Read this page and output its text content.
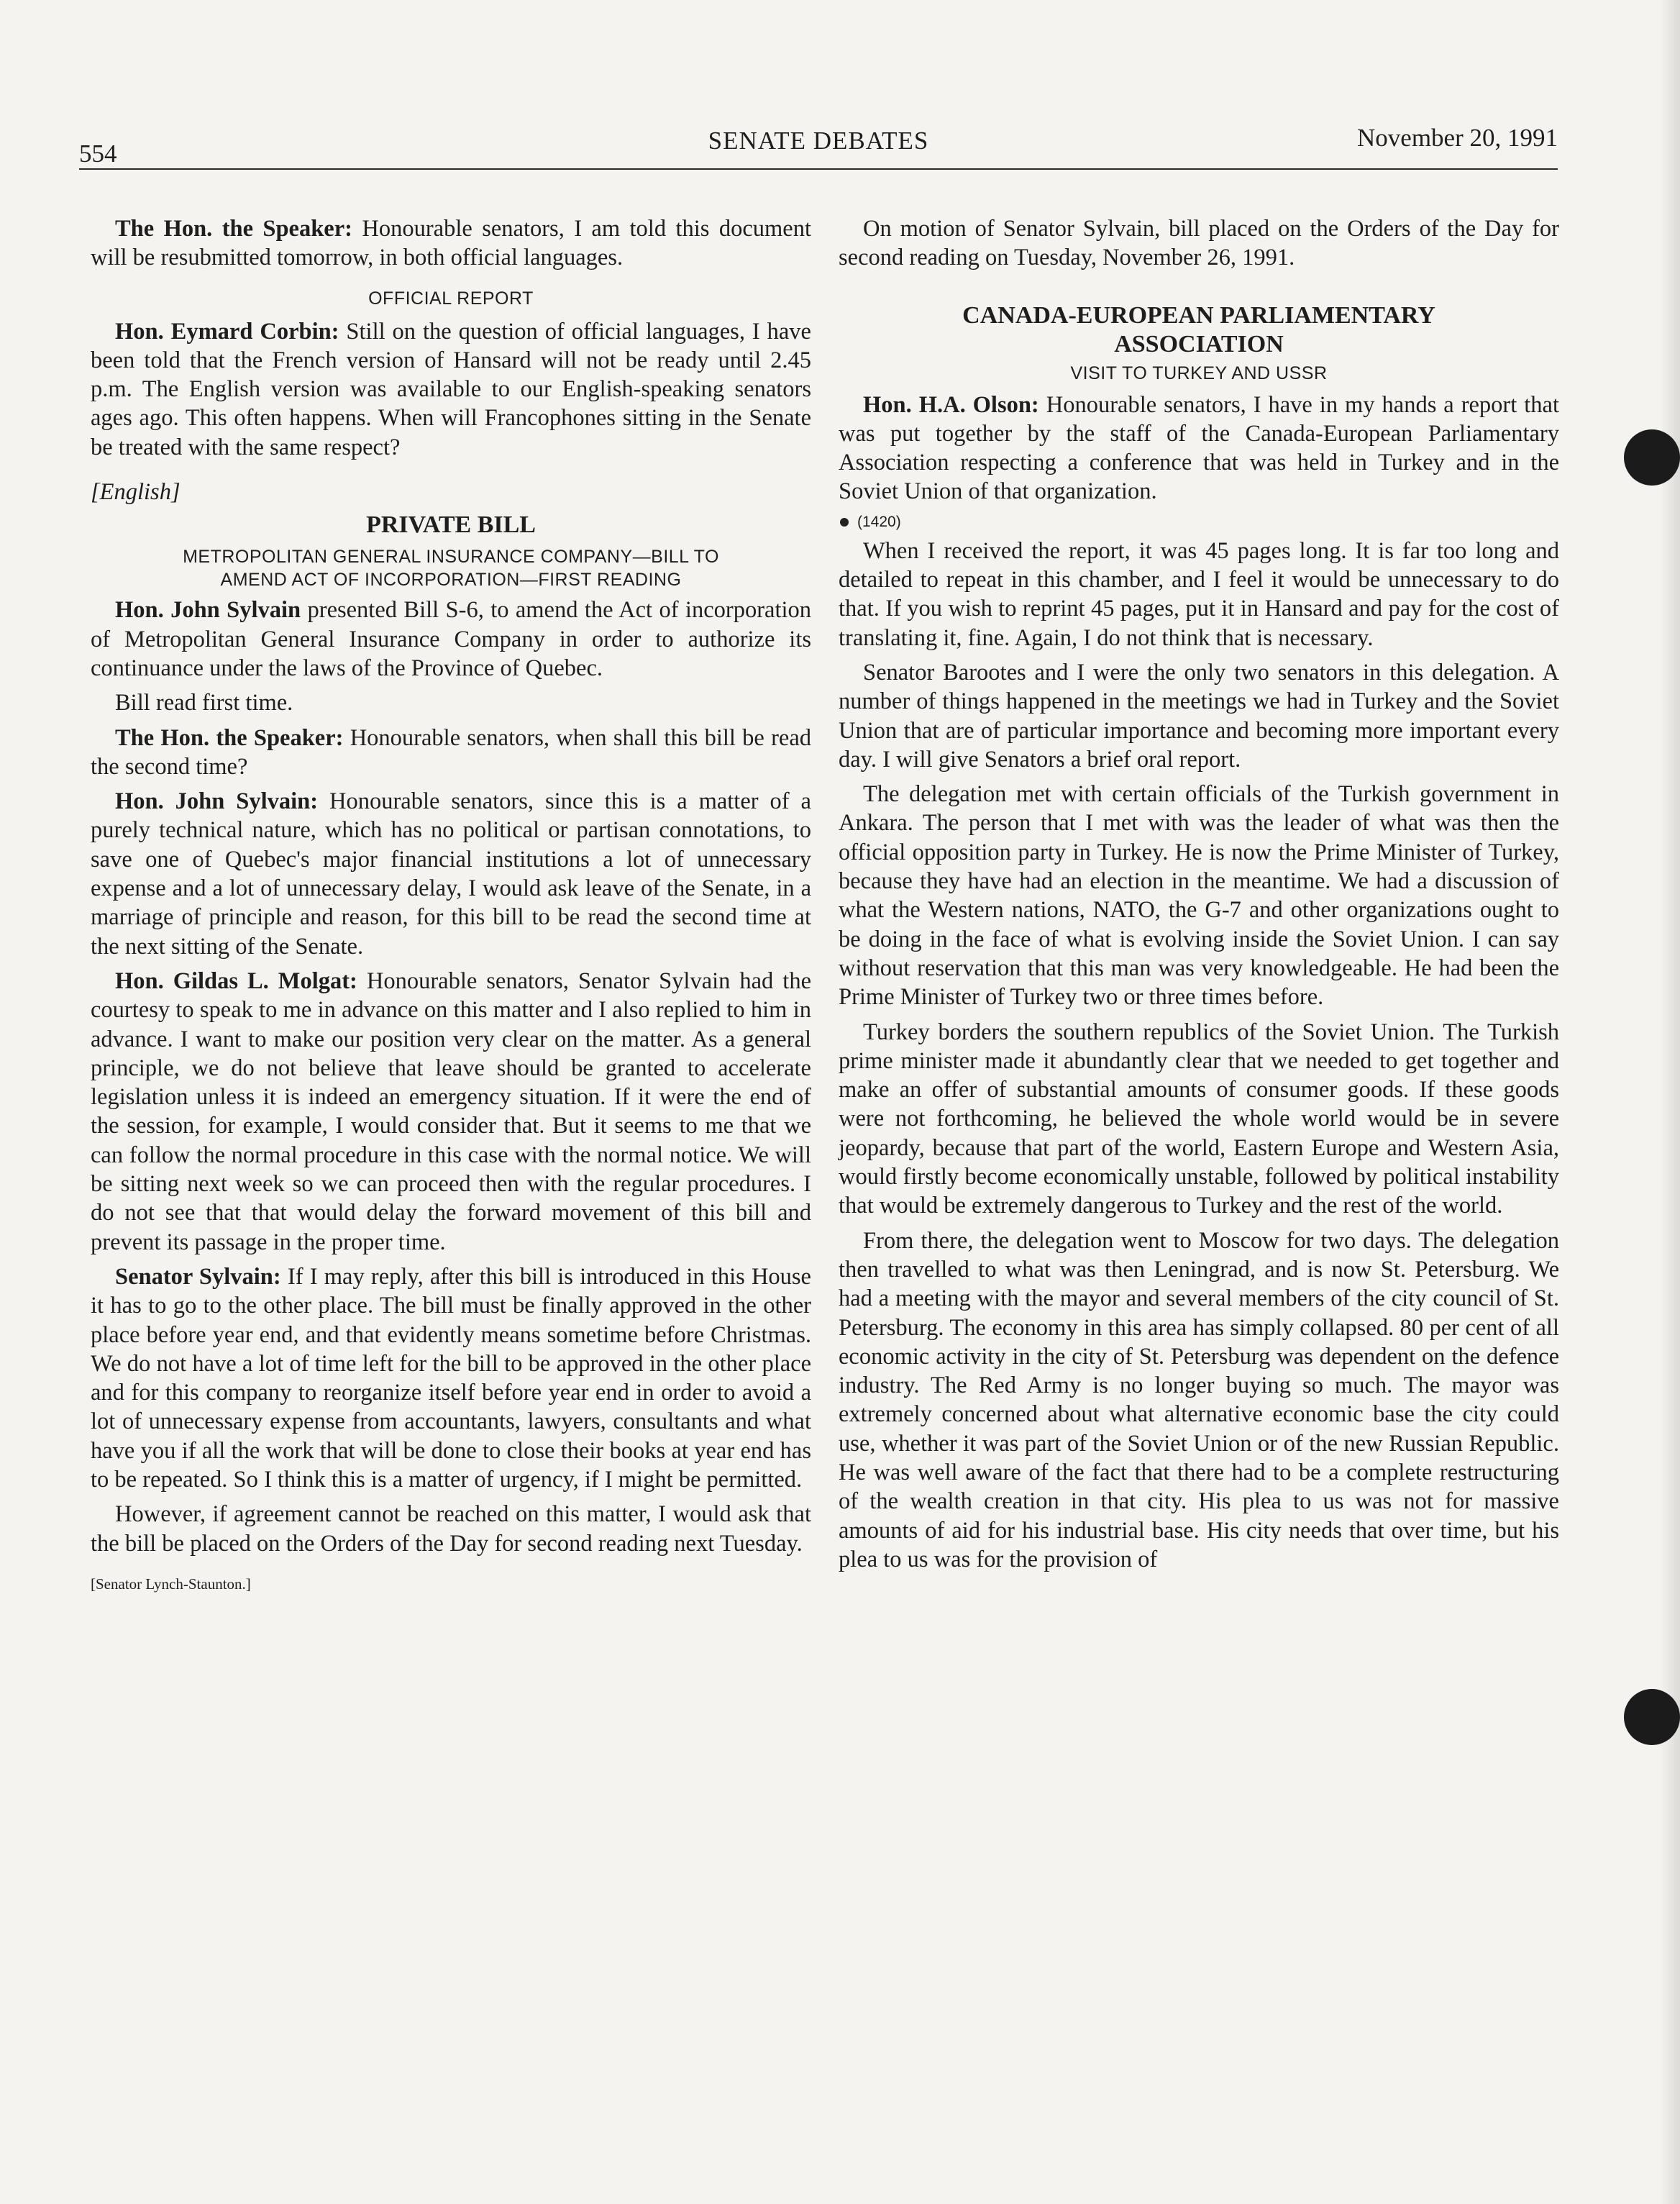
554	SENATE DEBATES	November 20, 1991

The Hon. the Speaker: Honourable senators, I am told this document will be resubmitted tomorrow, in both official languages.

OFFICIAL REPORT

Hon. Eymard Corbin: Still on the question of official languages, I have been told that the French version of Hansard will not be ready until 2.45 p.m. The English version was available to our English-speaking senators ages ago. This often happens. When will Francophones sitting in the Senate be treated with the same respect?

[English]
PRIVATE BILL
METROPOLITAN GENERAL INSURANCE COMPANY—BILL TO
AMEND ACT OF INCORPORATION—FIRST READING

Hon. John Sylvain presented Bill S-6, to amend the Act of incorporation of Metropolitan General Insurance Company in order to authorize its continuance under the laws of the Province of Quebec.

Bill read first time.

The Hon. the Speaker: Honourable senators, when shall this bill be read the second time?

Hon. John Sylvain: Honourable senators, since this is a matter of a purely technical nature, which has no political or partisan connotations, to save one of Quebec's major financial institutions a lot of unnecessary expense and a lot of unnecessary delay, I would ask leave of the Senate, in a marriage of principle and reason, for this bill to be read the second time at the next sitting of the Senate.

Hon. Gildas L. Molgat: Honourable senators, Senator Sylvain had the courtesy to speak to me in advance on this matter and I also replied to him in advance. I want to make our position very clear on the matter. As a general principle, we do not believe that leave should be granted to accelerate legislation unless it is indeed an emergency situation. If it were the end of the session, for example, I would consider that. But it seems to me that we can follow the normal procedure in this case with the normal notice. We will be sitting next week so we can proceed then with the regular procedures. I do not see that that would delay the forward movement of this bill and prevent its passage in the proper time.

Senator Sylvain: If I may reply, after this bill is introduced in this House it has to go to the other place. The bill must be finally approved in the other place before year end, and that evidently means sometime before Christmas. We do not have a lot of time left for the bill to be approved in the other place and for this company to reorganize itself before year end in order to avoid a lot of unnecessary expense from accountants, lawyers, consultants and what have you if all the work that will be done to close their books at year end has to be repeated. So I think this is a matter of urgency, if I might be permitted.

However, if agreement cannot be reached on this matter, I would ask that the bill be placed on the Orders of the Day for second reading next Tuesday.

[Senator Lynch-Staunton.]

On motion of Senator Sylvain, bill placed on the Orders of the Day for second reading on Tuesday, November 26, 1991.

CANADA-EUROPEAN PARLIAMENTARY
ASSOCIATION
VISIT TO TURKEY AND USSR

Hon. H.A. Olson: Honourable senators, I have in my hands a report that was put together by the staff of the Canada-European Parliamentary Association respecting a conference that was held in Turkey and in the Soviet Union of that organization.

(1420)

When I received the report, it was 45 pages long. It is far too long and detailed to repeat in this chamber, and I feel it would be unnecessary to do that. If you wish to reprint 45 pages, put it in Hansard and pay for the cost of translating it, fine. Again, I do not think that is necessary.

Senator Barootes and I were the only two senators in this delegation. A number of things happened in the meetings we had in Turkey and the Soviet Union that are of particular importance and becoming more important every day. I will give Senators a brief oral report.

The delegation met with certain officials of the Turkish government in Ankara. The person that I met with was the leader of what was then the official opposition party in Turkey. He is now the Prime Minister of Turkey, because they have had an election in the meantime. We had a discussion of what the Western nations, NATO, the G-7 and other organizations ought to be doing in the face of what is evolving inside the Soviet Union. I can say without reservation that this man was very knowledgeable. He had been the Prime Minister of Turkey two or three times before.

Turkey borders the southern republics of the Soviet Union. The Turkish prime minister made it abundantly clear that we needed to get together and make an offer of substantial amounts of consumer goods. If these goods were not forthcoming, he believed the whole world would be in severe jeopardy, because that part of the world, Eastern Europe and Western Asia, would firstly become economically unstable, followed by political instability that would be extremely dangerous to Turkey and the rest of the world.

From there, the delegation went to Moscow for two days. The delegation then travelled to what was then Leningrad, and is now St. Petersburg. We had a meeting with the mayor and several members of the city council of St. Petersburg. The economy in this area has simply collapsed. 80 per cent of all economic activity in the city of St. Petersburg was dependent on the defence industry. The Red Army is no longer buying so much. The mayor was extremely concerned about what alternative economic base the city could use, whether it was part of the Soviet Union or of the new Russian Republic. He was well aware of the fact that there had to be a complete restructuring of the wealth creation in that city. His plea to us was not for massive amounts of aid for his industrial base. His city needs that over time, but his plea to us was for the provision of
